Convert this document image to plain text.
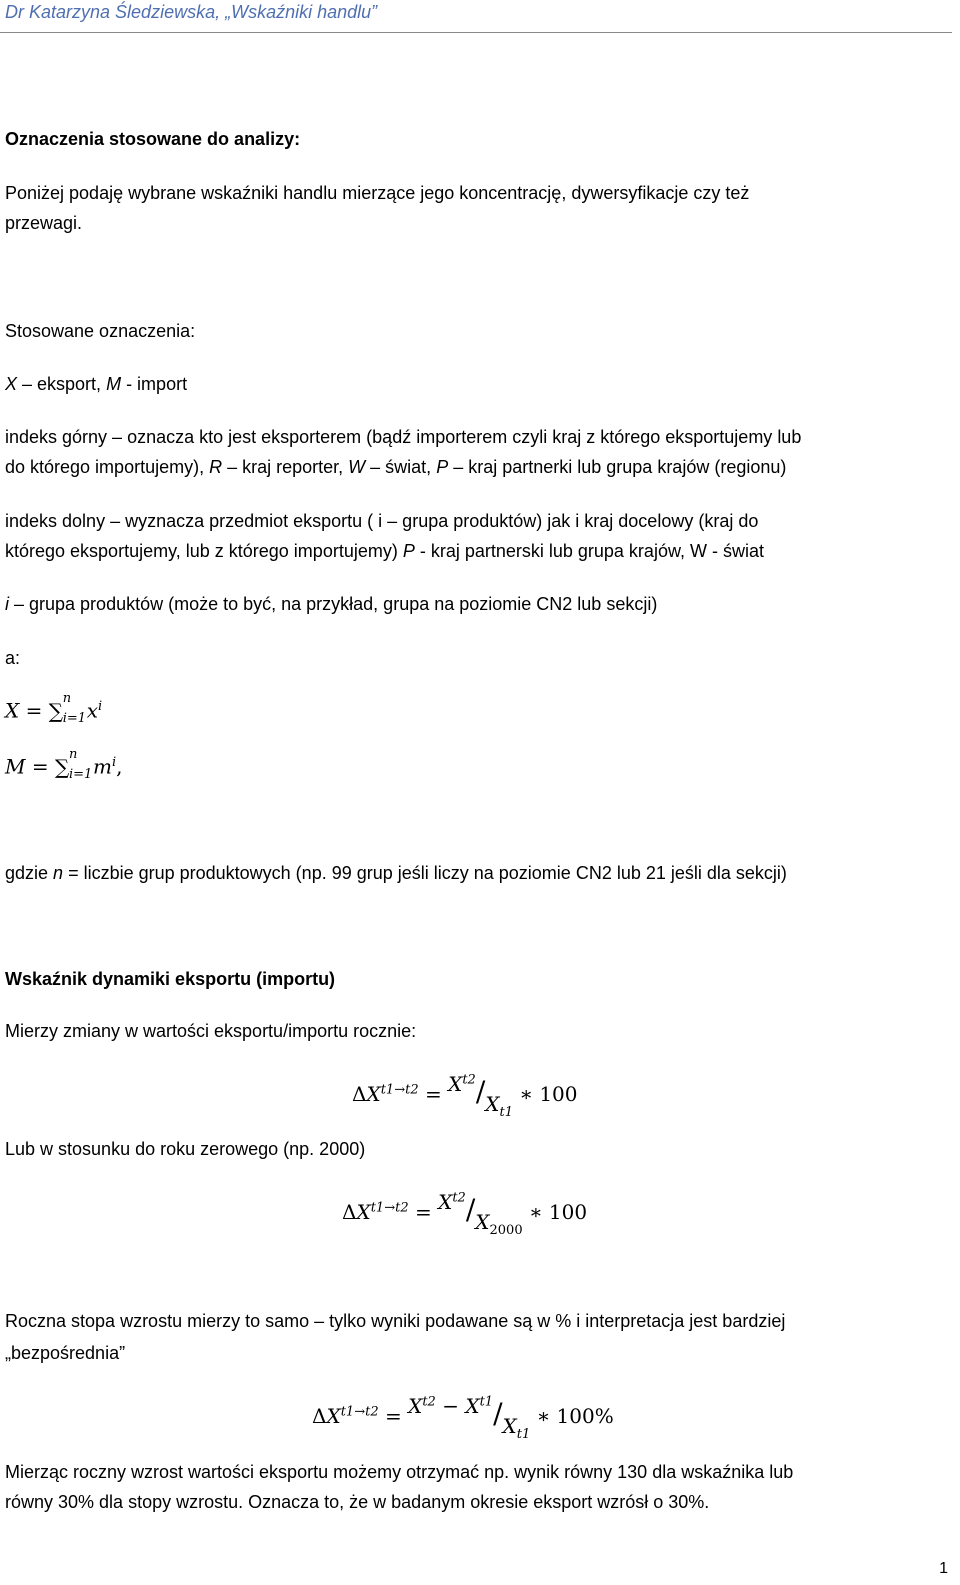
Dr Katarzyna Śledziewska, „Wskaźniki handlu”
Oznaczenia stosowane do analizy:
Poniżej podaję wybrane wskaźniki handlu mierzące jego koncentrację, dywersyfikacje czy też
przewagi.
Stosowane oznaczenia:
X – eksport, M - import
indeks górny – oznacza kto jest eksporterem (bądź importerem czyli kraj z którego eksportujemy lub
do którego importujemy), R – kraj reporter, W – świat, P – kraj partnerki lub grupa krajów (regionu)
indeks dolny – wyznacza przedmiot eksportu ( i – grupa produktów) jak i kraj docelowy (kraj do
którego eksportujemy, lub z którego importujemy) P - kraj partnerski lub grupa krajów, W - świat
i – grupa produktów (może to być, na przykład, grupa na poziomie CN2 lub sekcji)
a:
X = ∑
n
i=1 $x^i$
M = ∑
n
i=1 $m^i$,
gdzie n = liczbie grup produktowych (np. 99 grup jeśli liczy na poziomie CN2 lub 21 jeśli dla sekcji)
Wskaźnik dynamiki eksportu (importu)
Mierzy zmiany w wartości eksportu/importu rocznie:
$\Delta X^{t1\to t2} = X^{t2}/X_{t1}$ ∗ 100
Lub w stosunku do roku zerowego (np. 2000)
$\Delta X^{t1\to t2} = X^{t2}/X_{2000}$ ∗ 100
Roczna stopa wzrostu mierzy to samo – tylko wyniki podawane są w % i interpretacja jest bardziej
„bezpośrednia”
$\Delta X^{t1\to t2} = X^{t2} - X^{t1}/X_{t1}$ ∗ 100%
Mierząc roczny wzrost wartości eksportu możemy otrzymać np. wynik równy 130 dla wskaźnika lub
równy 30% dla stopy wzrostu. Oznacza to, że w badanym okresie eksport wzrósł o 30%.
1
